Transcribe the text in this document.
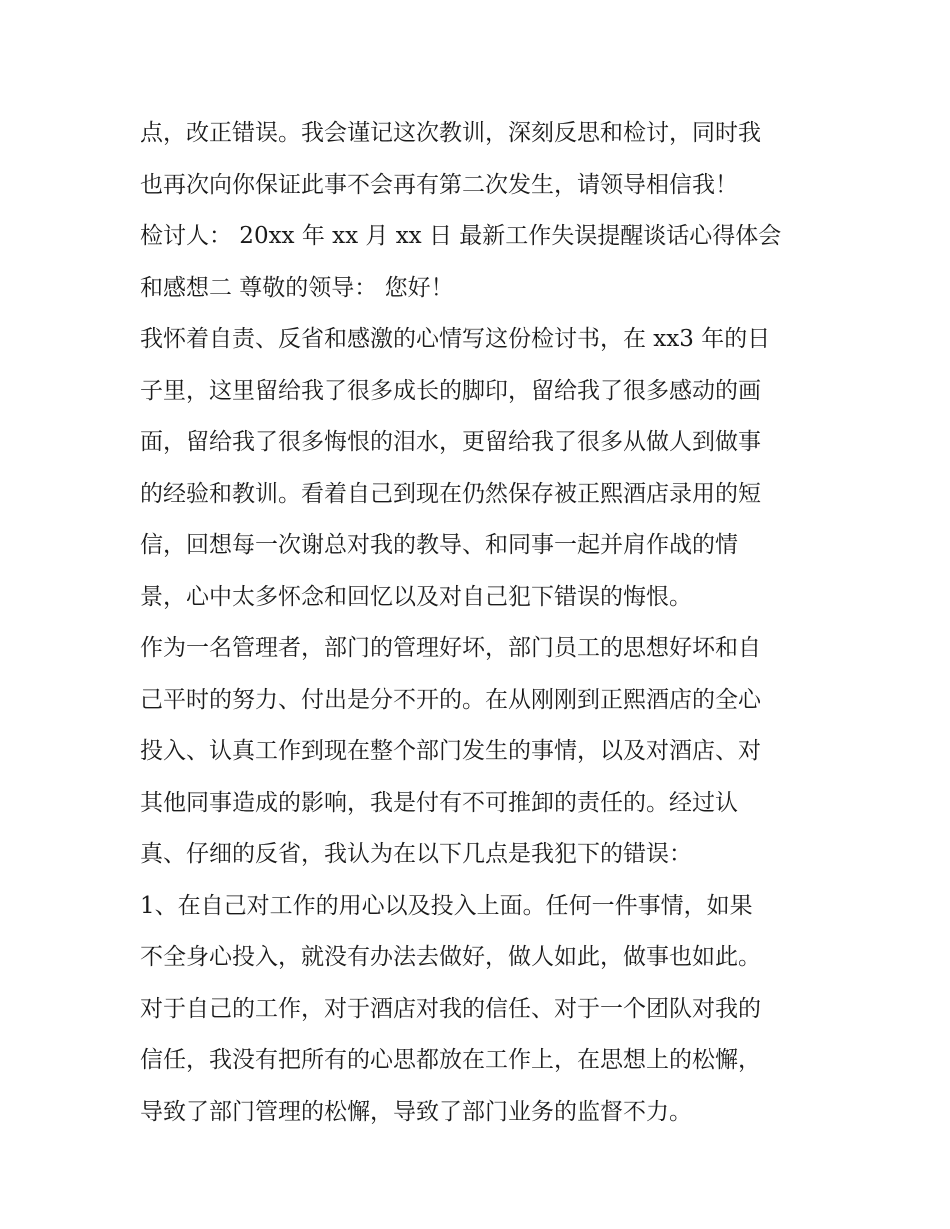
点，改正错误。我会谨记这次教训，深刻反思和检讨，同时我
也再次向你保证此事不会再有第二次发生，请领导相信我！
检讨人： 20xx 年 xx 月 xx 日 最新工作失误提醒谈话心得体会
和感想二 尊敬的领导： 您好！
我怀着自责、反省和感激的心情写这份检讨书，在 xx3 年的日
子里，这里留给我了很多成长的脚印，留给我了很多感动的画
面，留给我了很多悔恨的泪水，更留给我了很多从做人到做事
的经验和教训。看着自己到现在仍然保存被正熙酒店录用的短
信，回想每一次谢总对我的教导、和同事一起并肩作战的情
景，心中太多怀念和回忆以及对自己犯下错误的悔恨。
作为一名管理者，部门的管理好坏，部门员工的思想好坏和自
己平时的努力、付出是分不开的。在从刚刚到正熙酒店的全心
投入、认真工作到现在整个部门发生的事情，以及对酒店、对
其他同事造成的影响，我是付有不可推卸的责任的。经过认
真、仔细的反省，我认为在以下几点是我犯下的错误：
1、在自己对工作的用心以及投入上面。任何一件事情，如果
不全身心投入，就没有办法去做好，做人如此，做事也如此。
对于自己的工作，对于酒店对我的信任、对于一个团队对我的
信任，我没有把所有的心思都放在工作上，在思想上的松懈，
导致了部门管理的松懈，导致了部门业务的监督不力。
